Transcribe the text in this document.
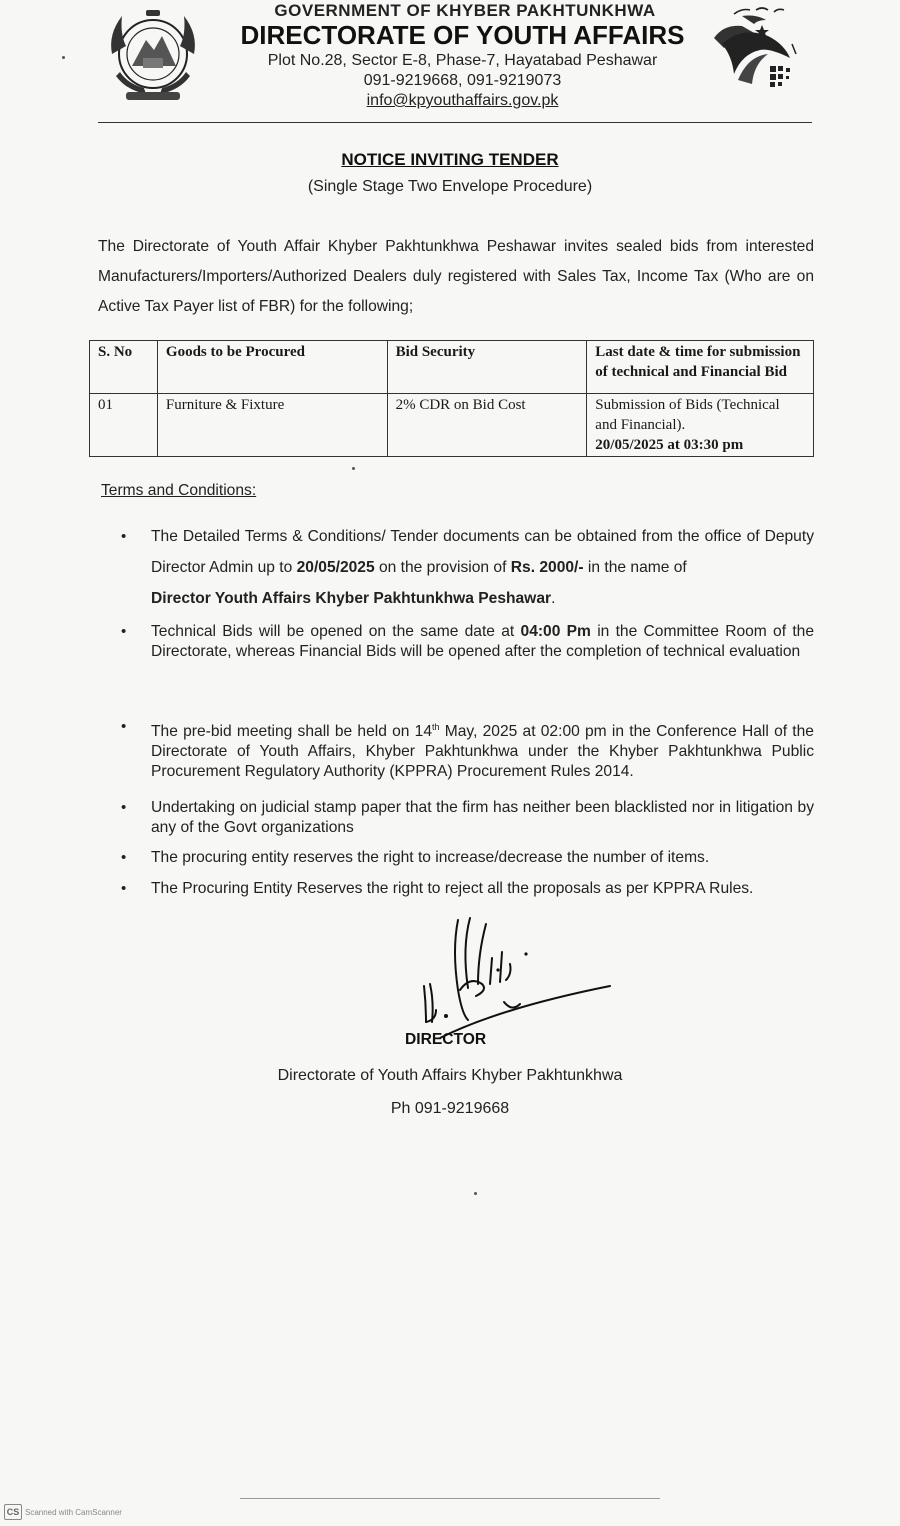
GOVERNMENT OF KHYBER PAKHTUNKHWA
DIRECTORATE OF YOUTH AFFAIRS
Plot No.28, Sector E-8, Phase-7, Hayatabad Peshawar
091-9219668, 091-9219073
info@kpyouthaffairs.gov.pk
NOTICE INVITING TENDER
(Single Stage Two Envelope Procedure)
The Directorate of Youth Affair Khyber Pakhtunkhwa Peshawar invites sealed bids from interested Manufacturers/Importers/Authorized Dealers duly registered with Sales Tax, Income Tax (Who are on Active Tax Payer list of FBR) for the following;
S. No	Goods to be Procured	Bid Security	Last date & time for submission of technical and Financial Bid
01	Furniture & Fixture	2% CDR on Bid Cost	Submission of Bids (Technical and Financial).
20/05/2025 at 03:30 pm
Terms and Conditions:
• The Detailed Terms & Conditions/ Tender documents can be obtained from the office of Deputy Director Admin up to 20/05/2025 on the provision of Rs. 2000/- in the name of
Director Youth Affairs Khyber Pakhtunkhwa Peshawar.
• Technical Bids will be opened on the same date at 04:00 Pm in the Committee Room of the Directorate, whereas Financial Bids will be opened after the completion of technical evaluation
• The pre-bid meeting shall be held on 14th May, 2025 at 02:00 pm in the Conference Hall of the Directorate of Youth Affairs, Khyber Pakhtunkhwa under the Khyber Pakhtunkhwa Public Procurement Regulatory Authority (KPPRA) Procurement Rules 2014.
• Undertaking on judicial stamp paper that the firm has neither been blacklisted nor in litigation by any of the Govt organizations
• The procuring entity reserves the right to increase/decrease the number of items.
• The Procuring Entity Reserves the right to reject all the proposals as per KPPRA Rules.
DIRECTOR
Directorate of Youth Affairs Khyber Pakhtunkhwa
Ph 091-9219668
CS Scanned with CamScanner
